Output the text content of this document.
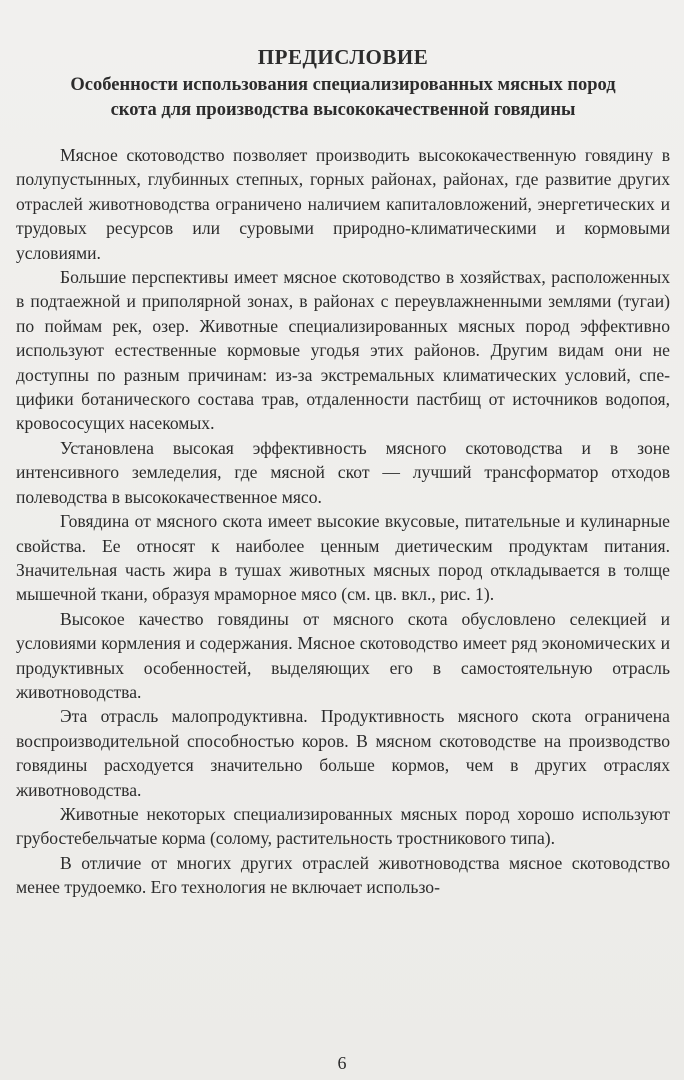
ПРЕДИСЛОВИЕ
Особенности использования специализированных мясных пород
скота для производства высококачественной говядины

Мясное скотоводство позволяет производить высококачественную говядину в полупустынных, глубинных степных, горных районах, районах, где развитие других отраслей животноводства ограничено наличием капиталовложений, энергетических и трудовых ресурсов или суровыми природно-климатическими и кормовыми условиями.

Большие перспективы имеет мясное скотоводство в хозяйствах, расположенных в подтаежной и приполярной зонах, в районах с переувлажненными землями (тугаи) по поймам рек, озер. Животные специализированных мясных пород эффективно используют естественные кормовые угодья этих районов. Другим видам они не доступны по разным причинам: из-за экстремальных климатических условий, специфики ботанического состава трав, отдаленности пастбищ от источников водопоя, кровососущих насекомых.

Установлена высокая эффективность мясного скотоводства и в зоне интенсивного земледелия, где мясной скот — лучший трансформатор отходов полеводства в высококачественное мясо.

Говядина от мясного скота имеет высокие вкусовые, питательные и кулинарные свойства. Ее относят к наиболее ценным диетическим продуктам питания. Значительная часть жира в тушах животных мясных пород откладывается в толще мышечной ткани, образуя мраморное мясо (см. цв. вкл., рис. 1).

Высокое качество говядины от мясного скота обусловлено селекцией и условиями кормления и содержания. Мясное скотоводство имеет ряд экономических и продуктивных особенностей, выделяющих его в самостоятельную отрасль животноводства.

Эта отрасль малопродуктивна. Продуктивность мясного скота ограничена воспроизводительной способностью коров. В мясном скотоводстве на производство говядины расходуется значительно больше кормов, чем в других отраслях животноводства.

Животные некоторых специализированных мясных пород хорошо используют грубостебельчатые корма (солому, растительность тростникового типа).

В отличие от многих других отраслей животноводства мясное скотоводство менее трудоемко. Его технология не включает использо-

6
